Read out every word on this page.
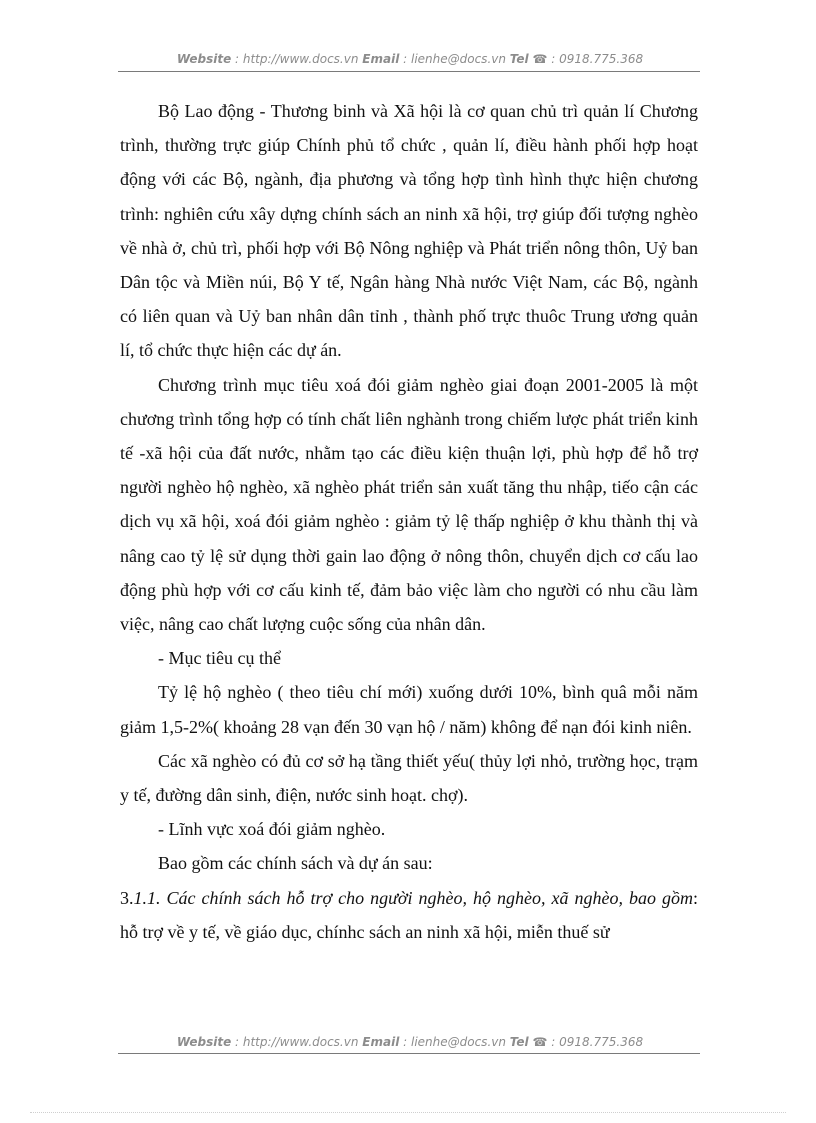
Website : http://www.docs.vn Email : lienhe@docs.vn Tel ☎ : 0918.775.368

Bộ Lao động - Thương binh và Xã hội là cơ quan chủ trì quản lí Chương trình, thường trực giúp Chính phủ tổ chức , quản lí, điều hành phối hợp hoạt động với các Bộ, ngành, địa phương và tổng hợp tình hình thực hiện chương trình: nghiên cứu xây dựng chính sách an ninh xã hội, trợ giúp đối tượng nghèo về nhà ở, chủ trì, phối hợp với Bộ Nông nghiệp và Phát triển nông thôn, Uỷ ban Dân tộc và Miền núi, Bộ Y tế, Ngân hàng Nhà nước Việt Nam, các Bộ, ngành có liên quan và Uỷ ban nhân dân tỉnh , thành phố trực thuôc Trung ương quản lí, tổ chức thực hiện các dự án.

Chương trình mục tiêu xoá đói giảm nghèo giai đoạn 2001-2005 là một chương trình tổng hợp có tính chất liên nghành trong chiếm lược phát triển kinh tế -xã hội của đất nước, nhằm tạo các điều kiện thuận lợi, phù hợp để hỗ trợ người nghèo hộ nghèo, xã nghèo phát triển sản xuất tăng thu nhập, tiếo cận các dịch vụ xã hội, xoá đói giảm nghèo : giảm tỷ lệ thấp nghiệp ở khu thành thị và nâng cao tỷ lệ sử dụng thời gain lao động ở nông thôn, chuyển dịch cơ cấu lao động phù hợp với cơ cấu kinh tế, đảm bảo việc làm cho người có nhu cầu làm việc, nâng cao chất lượng cuộc sống của nhân dân.

- Mục tiêu cụ thể

Tỷ lệ hộ nghèo ( theo tiêu chí mới) xuống dưới 10%, bình quâ mỗi năm giảm 1,5-2%( khoảng 28 vạn đến 30 vạn hộ / năm) không để nạn đói kinh niên.

Các xã nghèo có đủ cơ sở hạ tầng thiết yếu( thủy lợi nhỏ, trường học, trạm y tế, đường dân sinh, điện, nước sinh hoạt. chợ).

- Lĩnh vực xoá đói giảm nghèo.

Bao gồm các chính sách và dự án sau:

3.1.1. Các chính sách hỗ trợ cho người nghèo, hộ nghèo, xã nghèo, bao gồm: hỗ trợ về y tế, về giáo dục, chínhc sách an ninh xã hội, miễn thuế sử

Website : http://www.docs.vn Email : lienhe@docs.vn Tel ☎ : 0918.775.368
